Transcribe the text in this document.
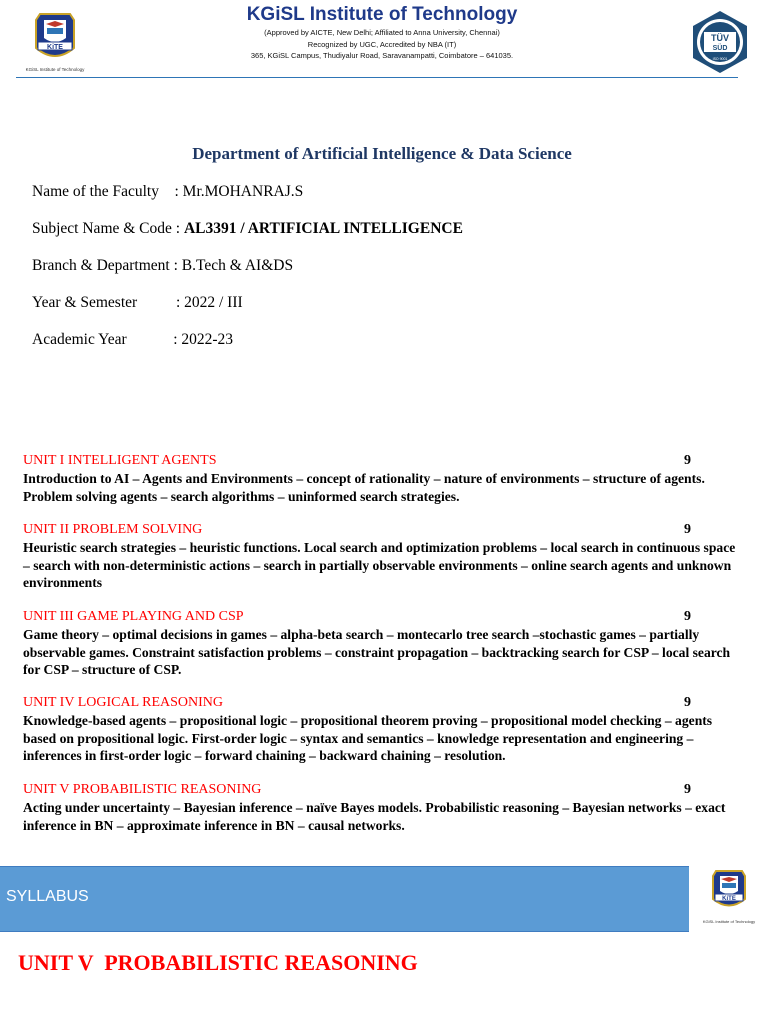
KiTE
KGiSL Institute of Technology
KGiSL Institute of Technology
(Approved by AICTE, New Delhi; Affiliated to Anna University, Chennai)
Recognized by UGC, Accredited by NBA (IT)
365, KGiSL Campus, Thudiyalur Road, Saravanampatti, Coimbatore – 641035.
TÜV
SÜD
ISO 9001
Department of Artificial Intelligence & Data Science
Name of the Faculty    : Mr.MOHANRAJ.S
Subject Name & Code : AL3391 / ARTIFICIAL INTELLIGENCE
Branch & Department : B.Tech & AI&DS
Year & Semester          : 2022 / III
Academic Year            : 2022-23
UNIT I INTELLIGENT AGENTS	9
Introduction to AI – Agents and Environments – concept of rationality – nature of environments – structure of agents. Problem solving agents – search algorithms – uninformed search strategies.
UNIT II PROBLEM SOLVING	9
Heuristic search strategies – heuristic functions. Local search and optimization problems – local search in continuous space – search with non-deterministic actions – search in partially observable environments – online search agents and unknown environments
UNIT III GAME PLAYING AND CSP	9
Game theory – optimal decisions in games – alpha-beta search – montecarlo tree search –stochastic games – partially observable games. Constraint satisfaction problems – constraint propagation – backtracking search for CSP – local search for CSP – structure of CSP.
UNIT IV LOGICAL REASONING	9
Knowledge-based agents – propositional logic – propositional theorem proving – propositional model checking – agents based on propositional logic. First-order logic – syntax and semantics – knowledge representation and engineering – inferences in first-order logic – forward chaining – backward chaining – resolution.
UNIT V PROBABILISTIC REASONING	9
Acting under uncertainty – Bayesian inference – naïve Bayes models. Probabilistic reasoning – Bayesian networks – exact inference in BN – approximate inference in BN – causal networks.
SYLLABUS	KiTE
KGiSL Institute of Technology
UNIT V  PROBABILISTIC REASONING
